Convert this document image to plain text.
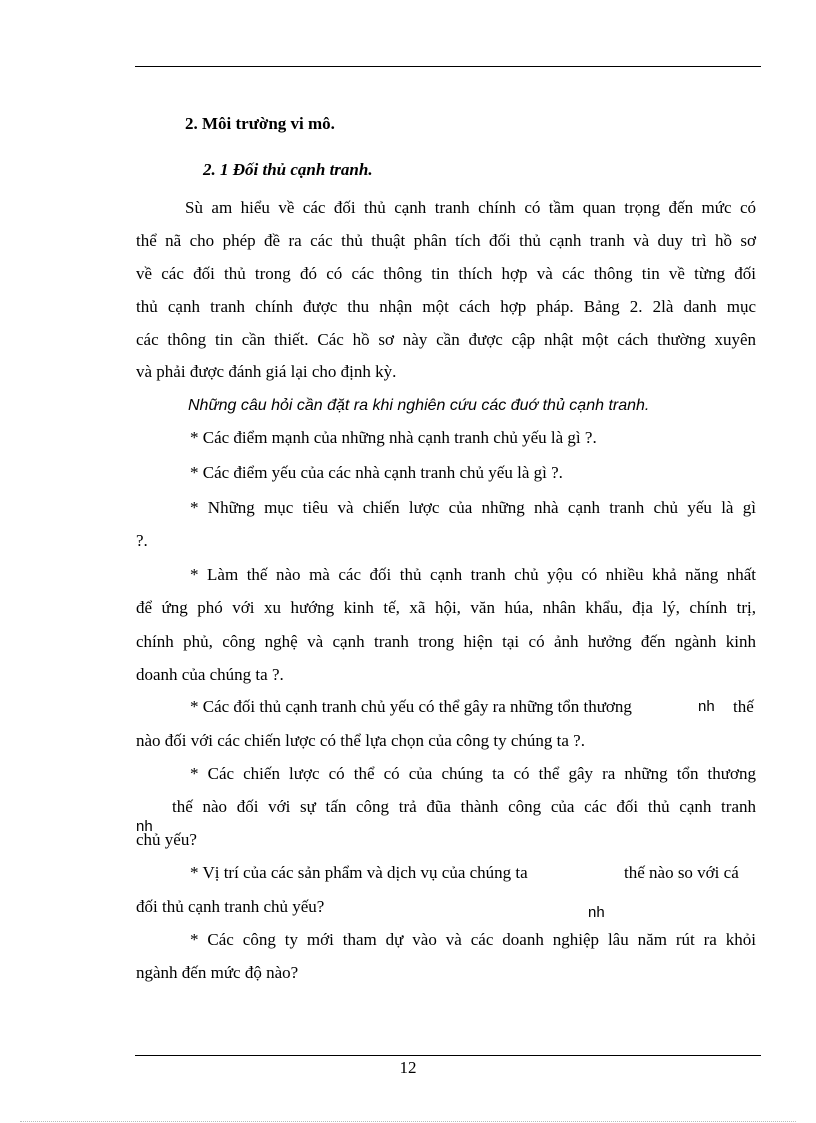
2. Môi trường vi mô.
2. 1 Đối thủ cạnh tranh.
Sù am hiểu về các đối thủ cạnh tranh chính có tầm quan trọng đến mức có
thể nã cho phép đề ra các thủ thuật phân tích đối thủ cạnh tranh và duy trì hồ sơ
về các đối thủ trong đó có các thông tin thích hợp và các thông tin về từng đối
thủ cạnh tranh chính được thu nhận một cách hợp pháp. Bảng 2. 2là danh mục
các thông tin cần thiết. Các hồ sơ này cần được cập nhật một cách thường xuyên
và phải được đánh giá lại cho định kỳ.
Những câu hỏi cần đặt ra khi nghiên cứu các đuớ thủ cạnh tranh.
* Các điểm mạnh của những nhà cạnh tranh chủ yếu là gì ?.
* Các điểm yếu của các nhà cạnh tranh chủ yếu là gì ?.
* Những mục tiêu và chiến lược của những nhà cạnh tranh chủ yếu là gì
?.
* Làm thế nào mà các đối thủ cạnh tranh chủ yộu có nhiều khả năng nhất
để ứng phó với xu hướng kinh tế, xã hội, văn húa, nhân khẩu, địa lý, chính trị,
chính phủ, công nghệ và cạnh tranh trong hiện tại có ảnh hưởng đến ngành kinh
doanh của chúng ta ?.
* Các đối thủ cạnh tranh chủ yếu có thể gây ra những tổn thương	nh	thế
nào đối với các chiến lược có thể lựa chọn của công ty chúng ta ?.
* Các chiến lược có thể có của chúng ta có thể gây ra những tổn thương
nh
thế nào đối với sự tấn công trả đũa thành công của các đối thủ cạnh tranh
chủ yếu?
* Vị trí của các sản phẩm và dịch vụ của chúng ta
nh
thế nào so với cá
đối thủ cạnh tranh chủ yếu?
* Các công ty mới tham dự vào và các doanh nghiệp lâu năm rút ra khỏi
ngành đến mức độ nào?
12
